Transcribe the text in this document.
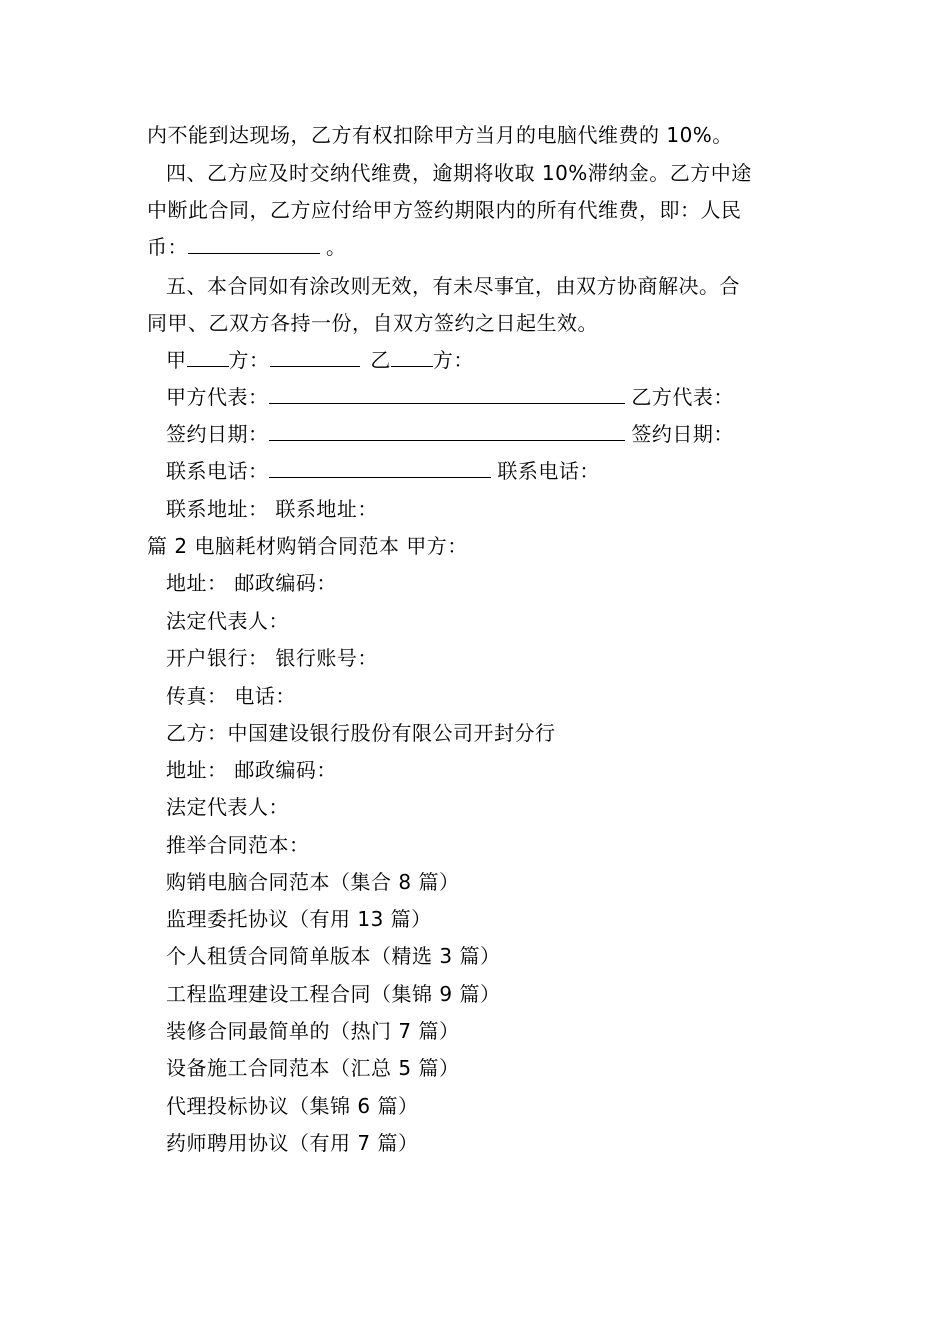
内不能到达现场，乙方有权扣除甲方当月的电脑代维费的 10%。
四、乙方应及时交纳代维费，逾期将收取 10%滞纳金。乙方中途
中断此合同，乙方应付给甲方签约期限内的所有代维费，即：人民
币：	。
五、本合同如有涂改则无效，有未尽事宜，由双方协商解决。合
同甲、乙双方各持一份，自双方签约之日起生效。
甲 方：	乙 方：
甲方代表：	乙方代表：
签约日期：	签约日期：
联系电话：	联系电话：
联系地址： 联系地址：
篇 2 电脑耗材购销合同范本 甲方：
地址： 邮政编码：
法定代表人：
开户银行： 银行账号：
传真： 电话：
乙方：中国建设银行股份有限公司开封分行
地址： 邮政编码：
法定代表人：
推举合同范本：
购销电脑合同范本（集合 8 篇）
监理委托协议（有用 13 篇）
个人租赁合同简单版本（精选 3 篇）
工程监理建设工程合同（集锦 9 篇）
装修合同最简单的（热门 7 篇）
设备施工合同范本（汇总 5 篇）
代理投标协议（集锦 6 篇）
药师聘用协议（有用 7 篇）
